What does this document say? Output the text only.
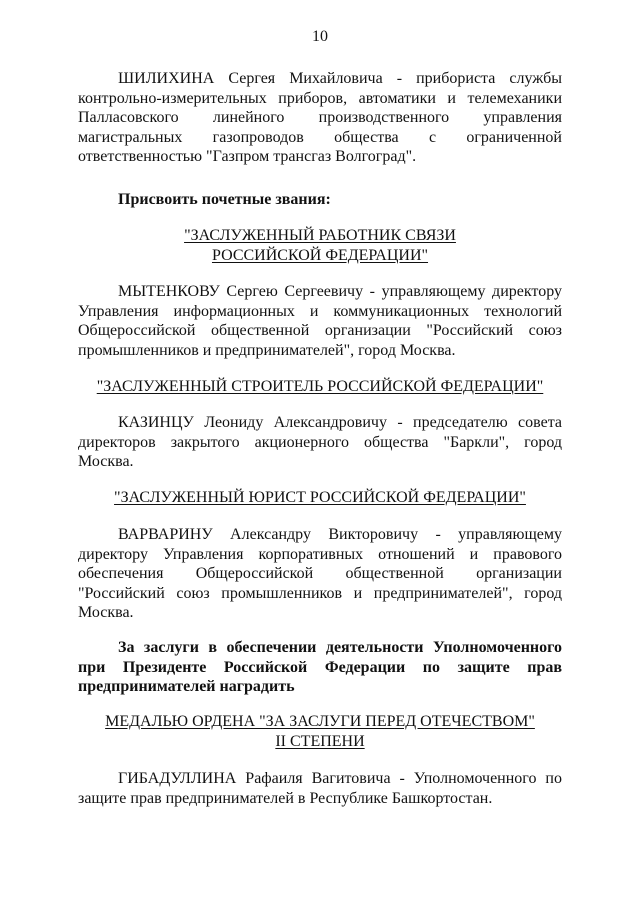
10
ШИЛИХИНА Сергея Михайловича - прибориста службы контрольно-измерительных приборов, автоматики и телемеханики Палласовского линейного производственного управления магистральных газопроводов общества с ограниченной ответственностью "Газпром трансгаз Волгоград".
Присвоить почетные звания:
"ЗАСЛУЖЕННЫЙ РАБОТНИК СВЯЗИ
РОССИЙСКОЙ ФЕДЕРАЦИИ"
МЫТЕНКОВУ Сергею Сергеевичу - управляющему директору Управления информационных и коммуникационных технологий Общероссийской общественной организации "Российский союз промышленников и предпринимателей", город Москва.
"ЗАСЛУЖЕННЫЙ СТРОИТЕЛЬ РОССИЙСКОЙ ФЕДЕРАЦИИ"
КАЗИНЦУ Леониду Александровичу - председателю совета директоров закрытого акционерного общества "Баркли", город Москва.
"ЗАСЛУЖЕННЫЙ ЮРИСТ РОССИЙСКОЙ ФЕДЕРАЦИИ"
ВАРВАРИНУ Александру Викторовичу - управляющему директору Управления корпоративных отношений и правового обеспечения Общероссийской общественной организации "Российский союз промышленников и предпринимателей", город Москва.
За заслуги в обеспечении деятельности Уполномоченного при Президенте Российской Федерации по защите прав предпринимателей наградить
МЕДАЛЬЮ ОРДЕНА "ЗА ЗАСЛУГИ ПЕРЕД ОТЕЧЕСТВОМ"
II СТЕПЕНИ
ГИБАДУЛЛИНА Рафаиля Вагитовича - Уполномоченного по защите прав предпринимателей в Республике Башкортостан.
